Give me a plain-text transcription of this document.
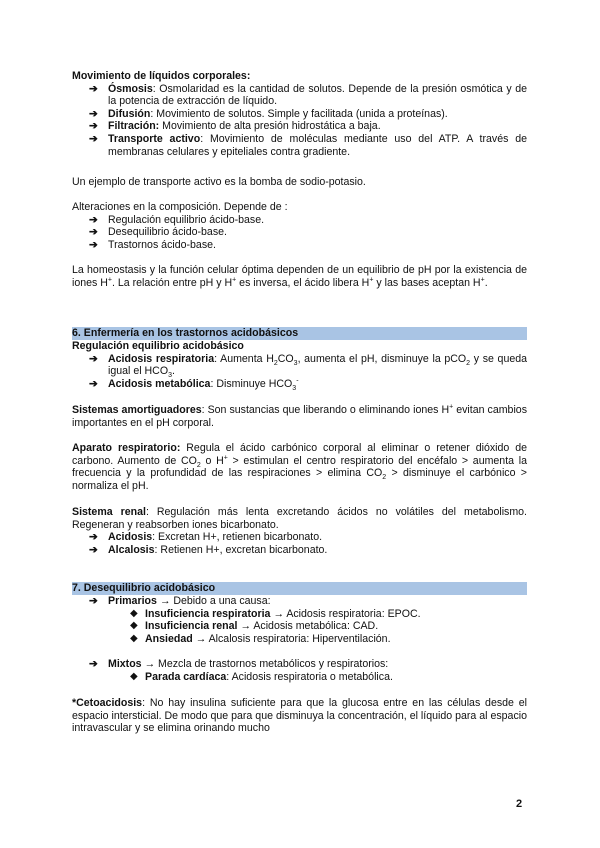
Movimiento de líquidos corporales:
➔ Ósmosis: Osmolaridad es la cantidad de solutos. Depende de la presión osmótica y de la potencia de extracción de líquido.
➔ Difusión: Movimiento de solutos. Simple y facilitada (unida a proteínas).
➔ Filtración: Movimiento de alta presión hidrostática a baja.
➔ Transporte activo: Movimiento de moléculas mediante uso del ATP. A través de membranas celulares y epiteliales contra gradiente.
Un ejemplo de transporte activo es la bomba de sodio-potasio.
Alteraciones en la composición. Depende de :
➔ Regulación equilibrio ácido-base.
➔ Desequilibrio ácido-base.
➔ Trastornos ácido-base.
La homeostasis y la función celular óptima dependen de un equilibrio de pH por la existencia de iones H+. La relación entre pH y H+ es inversa, el ácido libera H+ y las bases aceptan H+.
6. Enfermería en los trastornos acidobásicos
Regulación equilibrio acidobásico
➔ Acidosis respiratoria: Aumenta $H_2CO_3$, aumenta el pH, disminuye la pCO$_2$ y se queda igual el $HCO_3$.
➔ Acidosis metabólica: Disminuye $HCO_3^-$
Sistemas amortiguadores: Son sustancias que liberando o eliminando iones H+ evitan cambios importantes en el pH corporal.
Aparato respiratorio: Regula el ácido carbónico corporal al eliminar o retener dióxido de carbono. Aumento de $CO_2$ o H+ > estimulan el centro respiratorio del encéfalo > aumenta la frecuencia y la profundidad de las respiraciones > elimina $CO_2$ > disminuye el carbónico > normaliza el pH.
Sistema renal: Regulación más lenta excretando ácidos no volátiles del metabolismo. Regeneran y reabsorben iones bicarbonato.
➔ Acidosis: Excretan H+, retienen bicarbonato.
➔ Alcalosis: Retienen H+, excretan bicarbonato.
7. Desequilibrio acidobásico
➔ Primarios → Debido a una causa:
◆ Insuficiencia respiratoria → Acidosis respiratoria: EPOC.
◆ Insuficiencia renal → Acidosis metabólica: CAD.
◆ Ansiedad → Alcalosis respiratoria: Hiperventilación.
➔ Mixtos → Mezcla de trastornos metabólicos y respiratorios:
◆ Parada cardíaca: Acidosis respiratoria o metabólica.
*Cetoacidosis: No hay insulina suficiente para que la glucosa entre en las células desde el espacio intersticial. De modo que para que disminuya la concentración, el líquido para al espacio intravascular y se elimina orinando mucho
2
